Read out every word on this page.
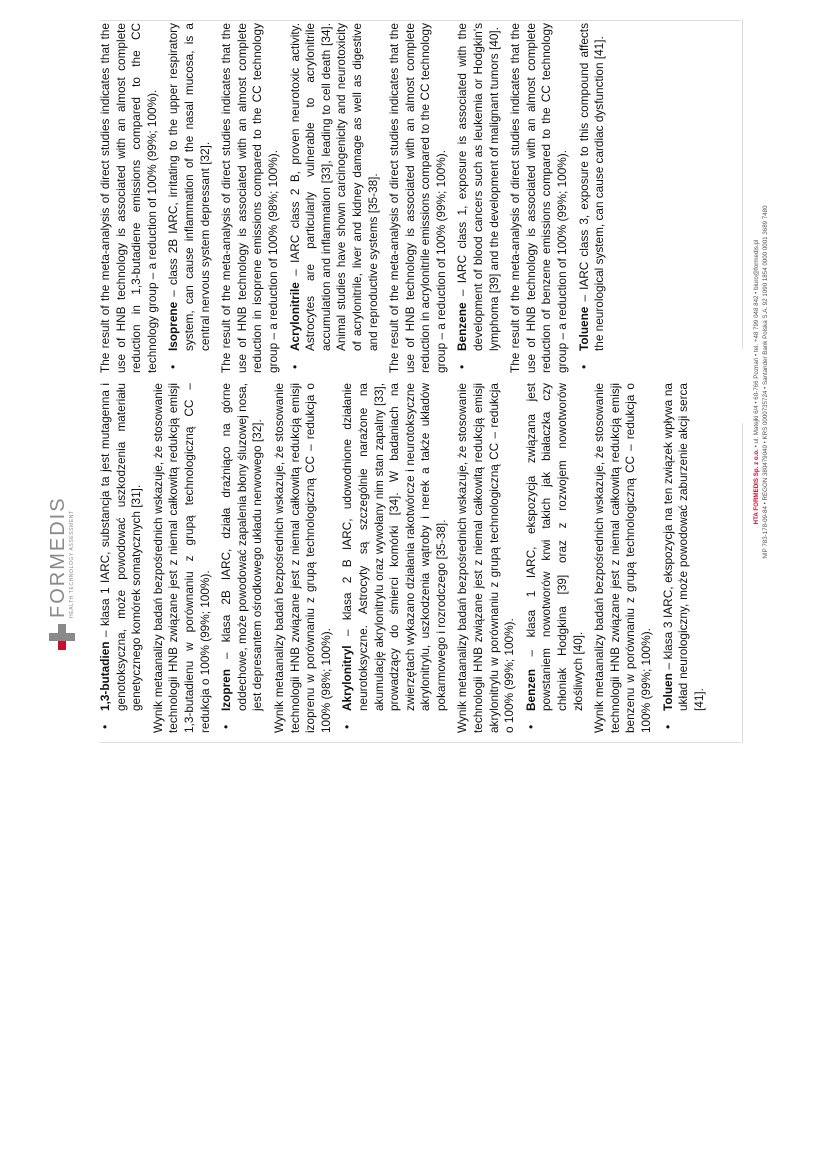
FORMEDIS HEALTH TECHNOLOGY ASSESSMENT
•
1,3-butadien – klasa 1 IARC, substancja ta jest mutagenna i genotoksyczna, może powodować uszkodzenia materiału genetycznego komórek somatycznych [31]. Wynik metaanalizy badań bezpośrednich wskazuje, że stosowanie technologii HNB związane jest z niemal całkowitą redukcją emisji 1,3-butadienu w porównaniu z grupą technologiczną CC – redukcja o 100% (99%; 100%). •
Izopren – klasa 2B IARC, działa drażniąco na górne oddechowe, może powodować zapalenia błony śluzowej nosa, jest depresantem ośrodkowego układu nerwowego [32]. Wynik metaanalizy badań bezpośrednich wskazuje, że stosowanie technologii HNB związane jest z niemal całkowitą redukcją emisji izoprenu w porównaniu z grupą technologiczną CC – redukcja o 100% (98%; 100%). •
Akrylonitryl – klasa 2 B IARC, udowodnione działanie neurotoksyczne. Astrocyty są szczególnie narażone na akumulację akrylonitrylu oraz wywołany nim stan zapalny [33], prowadzący do śmierci komórki [34]. W badaniach na zwierzętach wykazano działania rakotwórcze i neurotoksyczne akrylonitrylu, uszkodzenia wątroby i nerek a także układów pokarmowego i rozrodczego [35-38]. Wynik metaanalizy badań bezpośrednich wskazuje, że stosowanie technologii HNB związane jest z niemal całkowitą redukcją emisji akrylonitrylu w porównaniu z grupą technologiczną CC – redukcja o 100% (99%; 100%). •
Benzen – klasa 1 IARC, ekspozycja związana jest powstaniem nowotworów krwi takich jak białaczka czy chłoniak Hodgkina [39] oraz z rozwojem nowotworów złośliwych [40]. Wynik metaanalizy badań bezpośrednich wskazuje, że stosowanie technologii HNB związane jest z niemal całkowitą redukcją emisji benzenu w porównaniu z grupą technologiczną CC – redukcja o 100% (99%; 100%). •
Toluen – klasa 3 IARC, ekspozycja na ten związek wpływa na układ neurologiczny, może powodować zaburzenie akcji serca [41].

The result of the meta-analysis of direct studies indicates that the use of HNB technology is associated with an almost complete reduction in 1,3-butadiene emissions compared to the CC technology group – a reduction of 100% (99%; 100%). •
Isoprene – class 2B IARC, irritating to the upper respiratory system, can cause inflammation of the nasal mucosa, is a central nervous system depressant [32]. The result of the meta-analysis of direct studies indicates that the use of HNB technology is associated with an almost complete reduction in isoprene emissions compared to the CC technology group – a reduction of 100% (98%; 100%). •
Acrylonitrile – IARC class 2 B, proven neurotoxic activity. Astrocytes are particularly vulnerable to acrylonitrile accumulation and inflammation [33], leading to cell death [34]. Animal studies have shown carcinogenicity and neurotoxicity of acrylonitrile, liver and kidney damage as well as digestive and reproductive systems [35-38]. The result of the meta-analysis of direct studies indicates that the use of HNB technology is associated with an almost complete reduction in acrylonitrile emissions compared to the CC technology group – a reduction of 100% (99%; 100%). •
Benzene – IARC class 1, exposure is associated with the development of blood cancers such as leukemia or Hodgkin's lymphoma [39] and the development of malignant tumors [40]. The result of the meta-analysis of direct studies indicates that the use of HNB technology is associated with an almost complete reduction of benzene emissions compared to the CC technology group – a reduction of 100% (99%; 100%). •
Toluene – IARC class 3, exposure to this compound affects the neurological system, can cause cardiac dysfunction [41].
HTA FORMEDIS Sp. z o.o. • ul. Matejki 6/4 • 60-766 Poznań • tel. +48 799 048 842 • biuro@formedis.pl NIP 783-178-09-84 • REGON 380479040 • KRS 0000735724 • Santander Bank Polska S.A. 92 1090 1854 0000 0001 3689 7480
